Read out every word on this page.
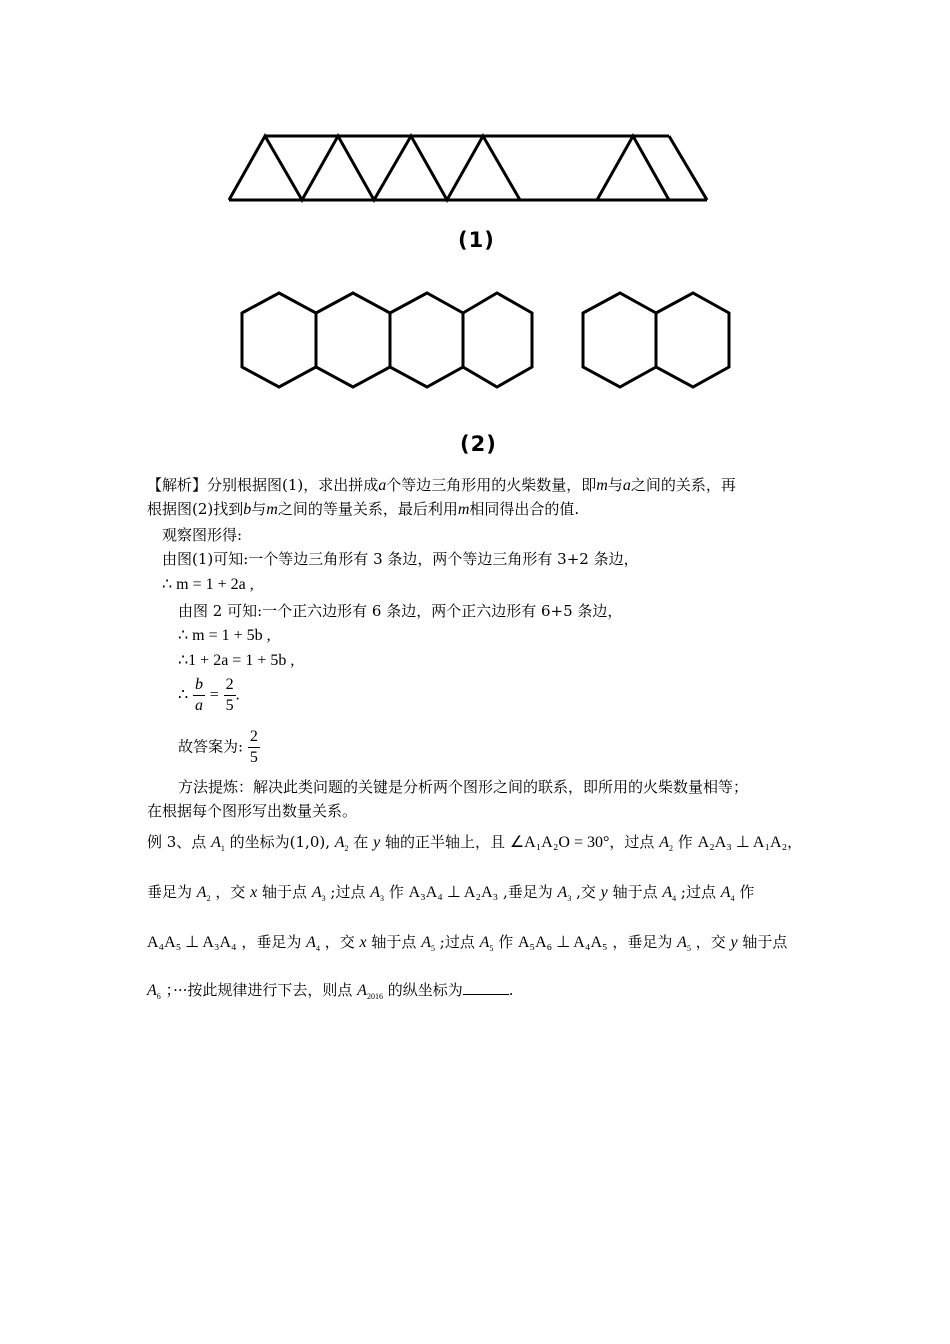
(1)
(2)
【解析】分别根据图(1)，求出拼成a个等边三角形用的火柴数量，即m与a之间的关系，再
根据图(2)找到b与m之间的等量关系，最后利用m相同得出合的值.
观察图形得:
由图(1)可知:一个等边三角形有 3 条边，两个等边三角形有 3+2 条边，
∴ m = 1 + 2a ,
由图 2 可知:一个正六边形有 6 条边，两个正六边形有 6+5 条边，
∴ m = 1 + 5b ,
∴1 + 2a = 1 + 5b ,
∴ $\frac{b}{a} = \frac{2}{5}$ .
故答案为: $\frac{2}{5}$
方法提炼：解决此类问题的关键是分析两个图形之间的联系，即所用的火柴数量相等；
在根据每个图形写出数量关系。
例 3、点 $A_1$ 的坐标为(1,0), $A_2$ 在 y 轴的正半轴上，且 ∠A₁A₂O = 30°，过点 $A_2$ 作 A₂A₃ ⊥ A₁A₂，
垂足为 $A_2$ ，交 x 轴于点 $A_3$ ;过点 $A_3$ 作 A₃A₄ ⊥ A₂A₃ ,垂足为 $A_3$ ,交 y 轴于点 $A_4$ ;过点 $A_4$ 作
A₄A₅ ⊥ A₃A₄ ，垂足为 $A_4$ ，交 x 轴于点 $A_5$ ;过点 $A_5$ 作 A₅A₆ ⊥ A₄A₅ ，垂足为 $A_5$ ，交 y 轴于点
$A_6$ ；···按此规律进行下去，则点 $A_{2016}$ 的纵坐标为	.
